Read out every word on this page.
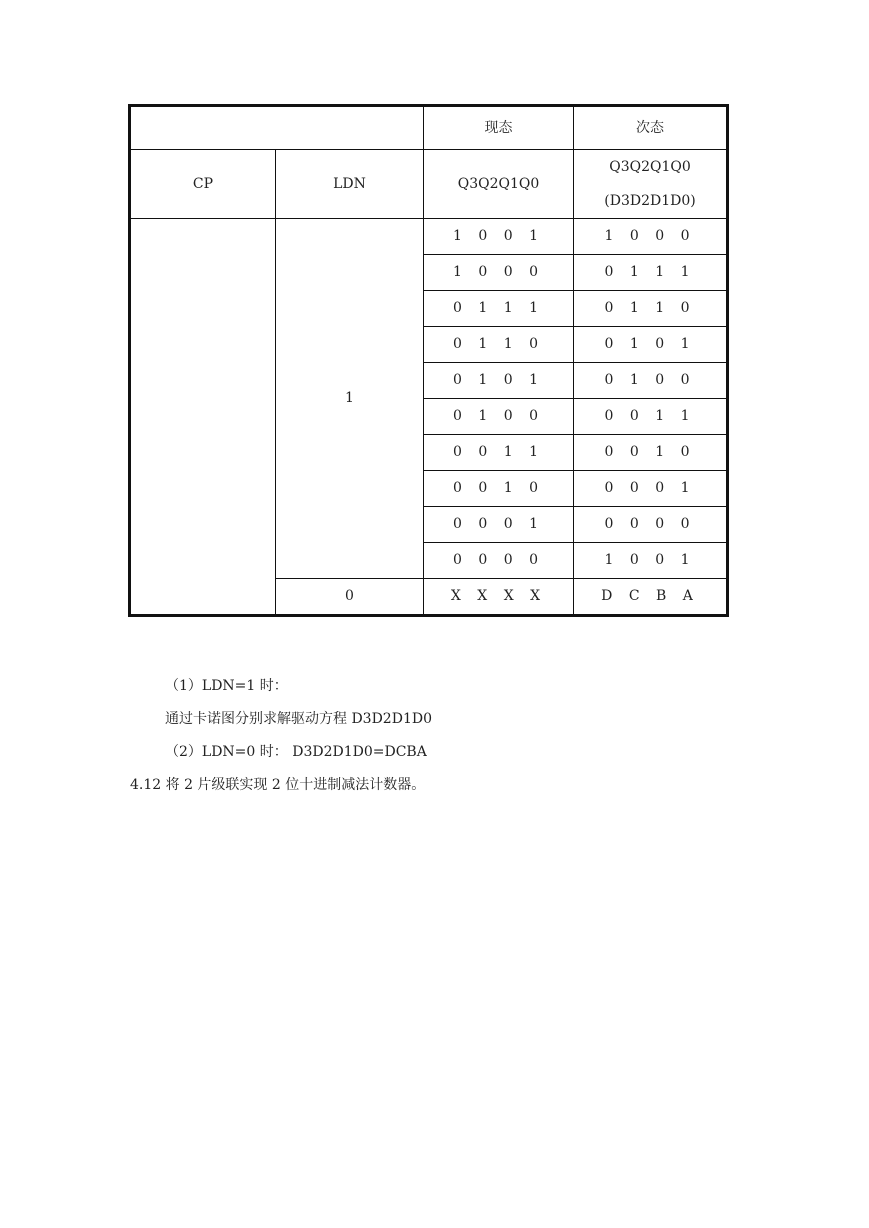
		现态	次态
CP	LDN	Q3Q2Q1Q0	Q3Q2Q1Q0
(D3D2D1D0)

	1	1 0 0 1	1 0 0 0
		1 0 0 0	0 1 1 1
		0 1 1 1	0 1 1 0
		0 1 1 0	0 1 0 1
		0 1 0 1	0 1 0 0
		0 1 0 0	0 0 1 1
		0 0 1 1	0 0 1 0
		0 0 1 0	0 0 0 1
		0 0 0 1	0 0 0 0
		0 0 0 0	1 0 0 1
	0	X X X X	D C B A
（1）LDN=1 时：
通过卡诺图分别求解驱动方程 D3D2D1D0
（2）LDN=0 时： D3D2D1D0=DCBA
4.12 将 2 片级联实现 2 位十进制减法计数器。
